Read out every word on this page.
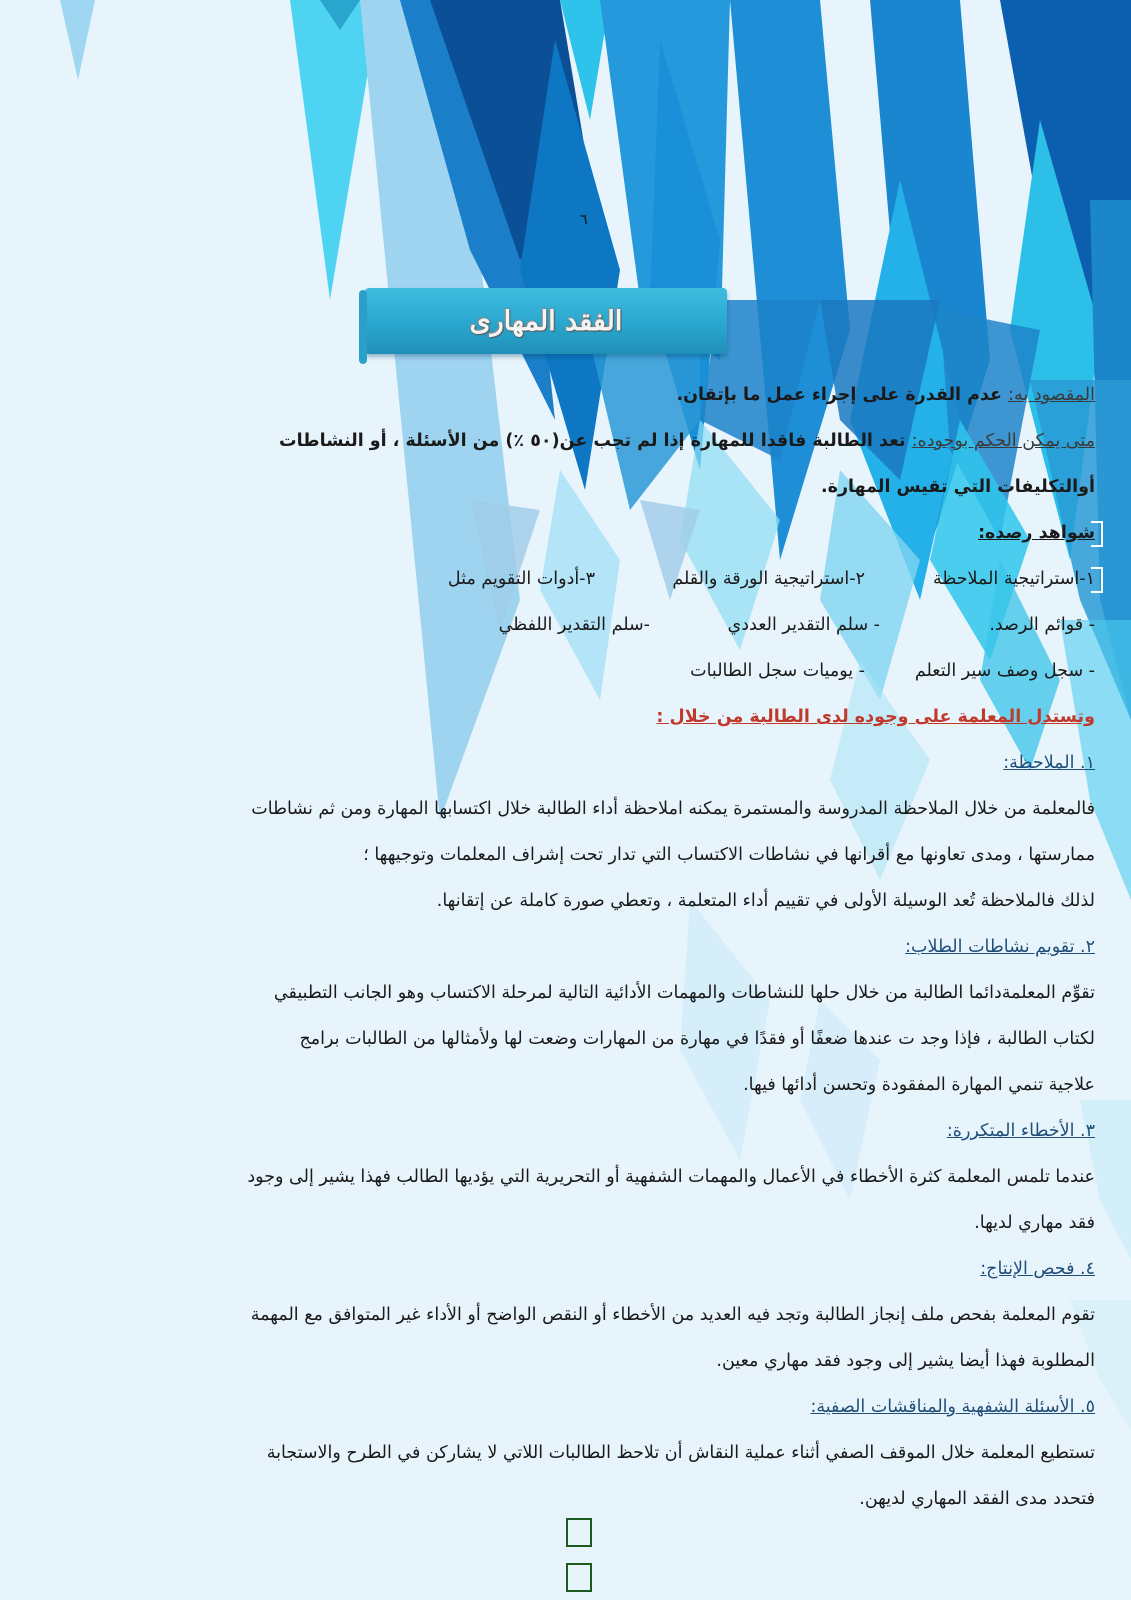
٦
الفقد المهارى
المقصود به: عدم القدرة على إجراء عمل ما بإتقان.
متى يمكن الحكم بوجوده: تعد الطالبة فاقدا للمهارة إذا لم تجب عن(٥٠ ٪) من الأسئلة ، أو النشاطات
أوالتكليفات التي تقيس المهارة.
شواهد رصده:
١-استراتيجية الملاحظة
٢-استراتيجية الورقة والقلم
٣-أدوات التقويم مثل
- قوائم الرصد.
- سلم التقدير العددي
-سلم التقدير اللفظي
- سجل وصف سير التعلم
- يوميات سجل الطالبات
وتستدل المعلمة على وجوده لدى الطالبة من خلال :
١. الملاحظة:
فالمعلمة من خلال الملاحظة المدروسة والمستمرة يمكنه املاحظة أداء الطالبة خلال اكتسابها المهارة ومن ثم نشاطات
ممارستها ، ومدى تعاونها مع أقرانها في نشاطات الاكتساب التي تدار تحت إشراف المعلمات وتوجيهها ؛
لذلك فالملاحظة تُعد الوسيلة الأولى في تقييم أداء المتعلمة ، وتعطي صورة كاملة عن إتقانها.
٢. تقويم نشاطات الطلاب:
تقوِّم المعلمةدائما الطالبة من خلال حلها للنشاطات والمهمات الأدائية التالية لمرحلة الاكتساب وهو الجانب التطبيقي
لكتاب الطالبة ، فإذا وجد ت عندها ضعفًا أو فقدًا في مهارة من المهارات وضعت لها ولأمثالها من الطالبات برامج
علاجية تنمي المهارة المفقودة وتحسن أدائها فيها.
٣. الأخطاء المتكررة:
عندما تلمس المعلمة كثرة الأخطاء في الأعمال والمهمات الشفهية أو التحريرية التي يؤديها الطالب فهذا يشير إلى وجود
فقد مهاري لديها.
٤. فحص الإنتاج:
تقوم المعلمة بفحص ملف إنجاز الطالبة وتجد فيه العديد من الأخطاء أو النقص الواضح أو الأداء غير المتوافق مع المهمة
المطلوبة فهذا أيضا يشير إلى وجود فقد مهاري معين.
٥. الأسئلة الشفهية والمناقشات الصفية:
تستطيع المعلمة خلال الموقف الصفي أثناء عملية النقاش أن تلاحظ الطالبات اللاتي لا يشاركن في الطرح والاستجابة
فتحدد مدى الفقد المهاري لديهن.
